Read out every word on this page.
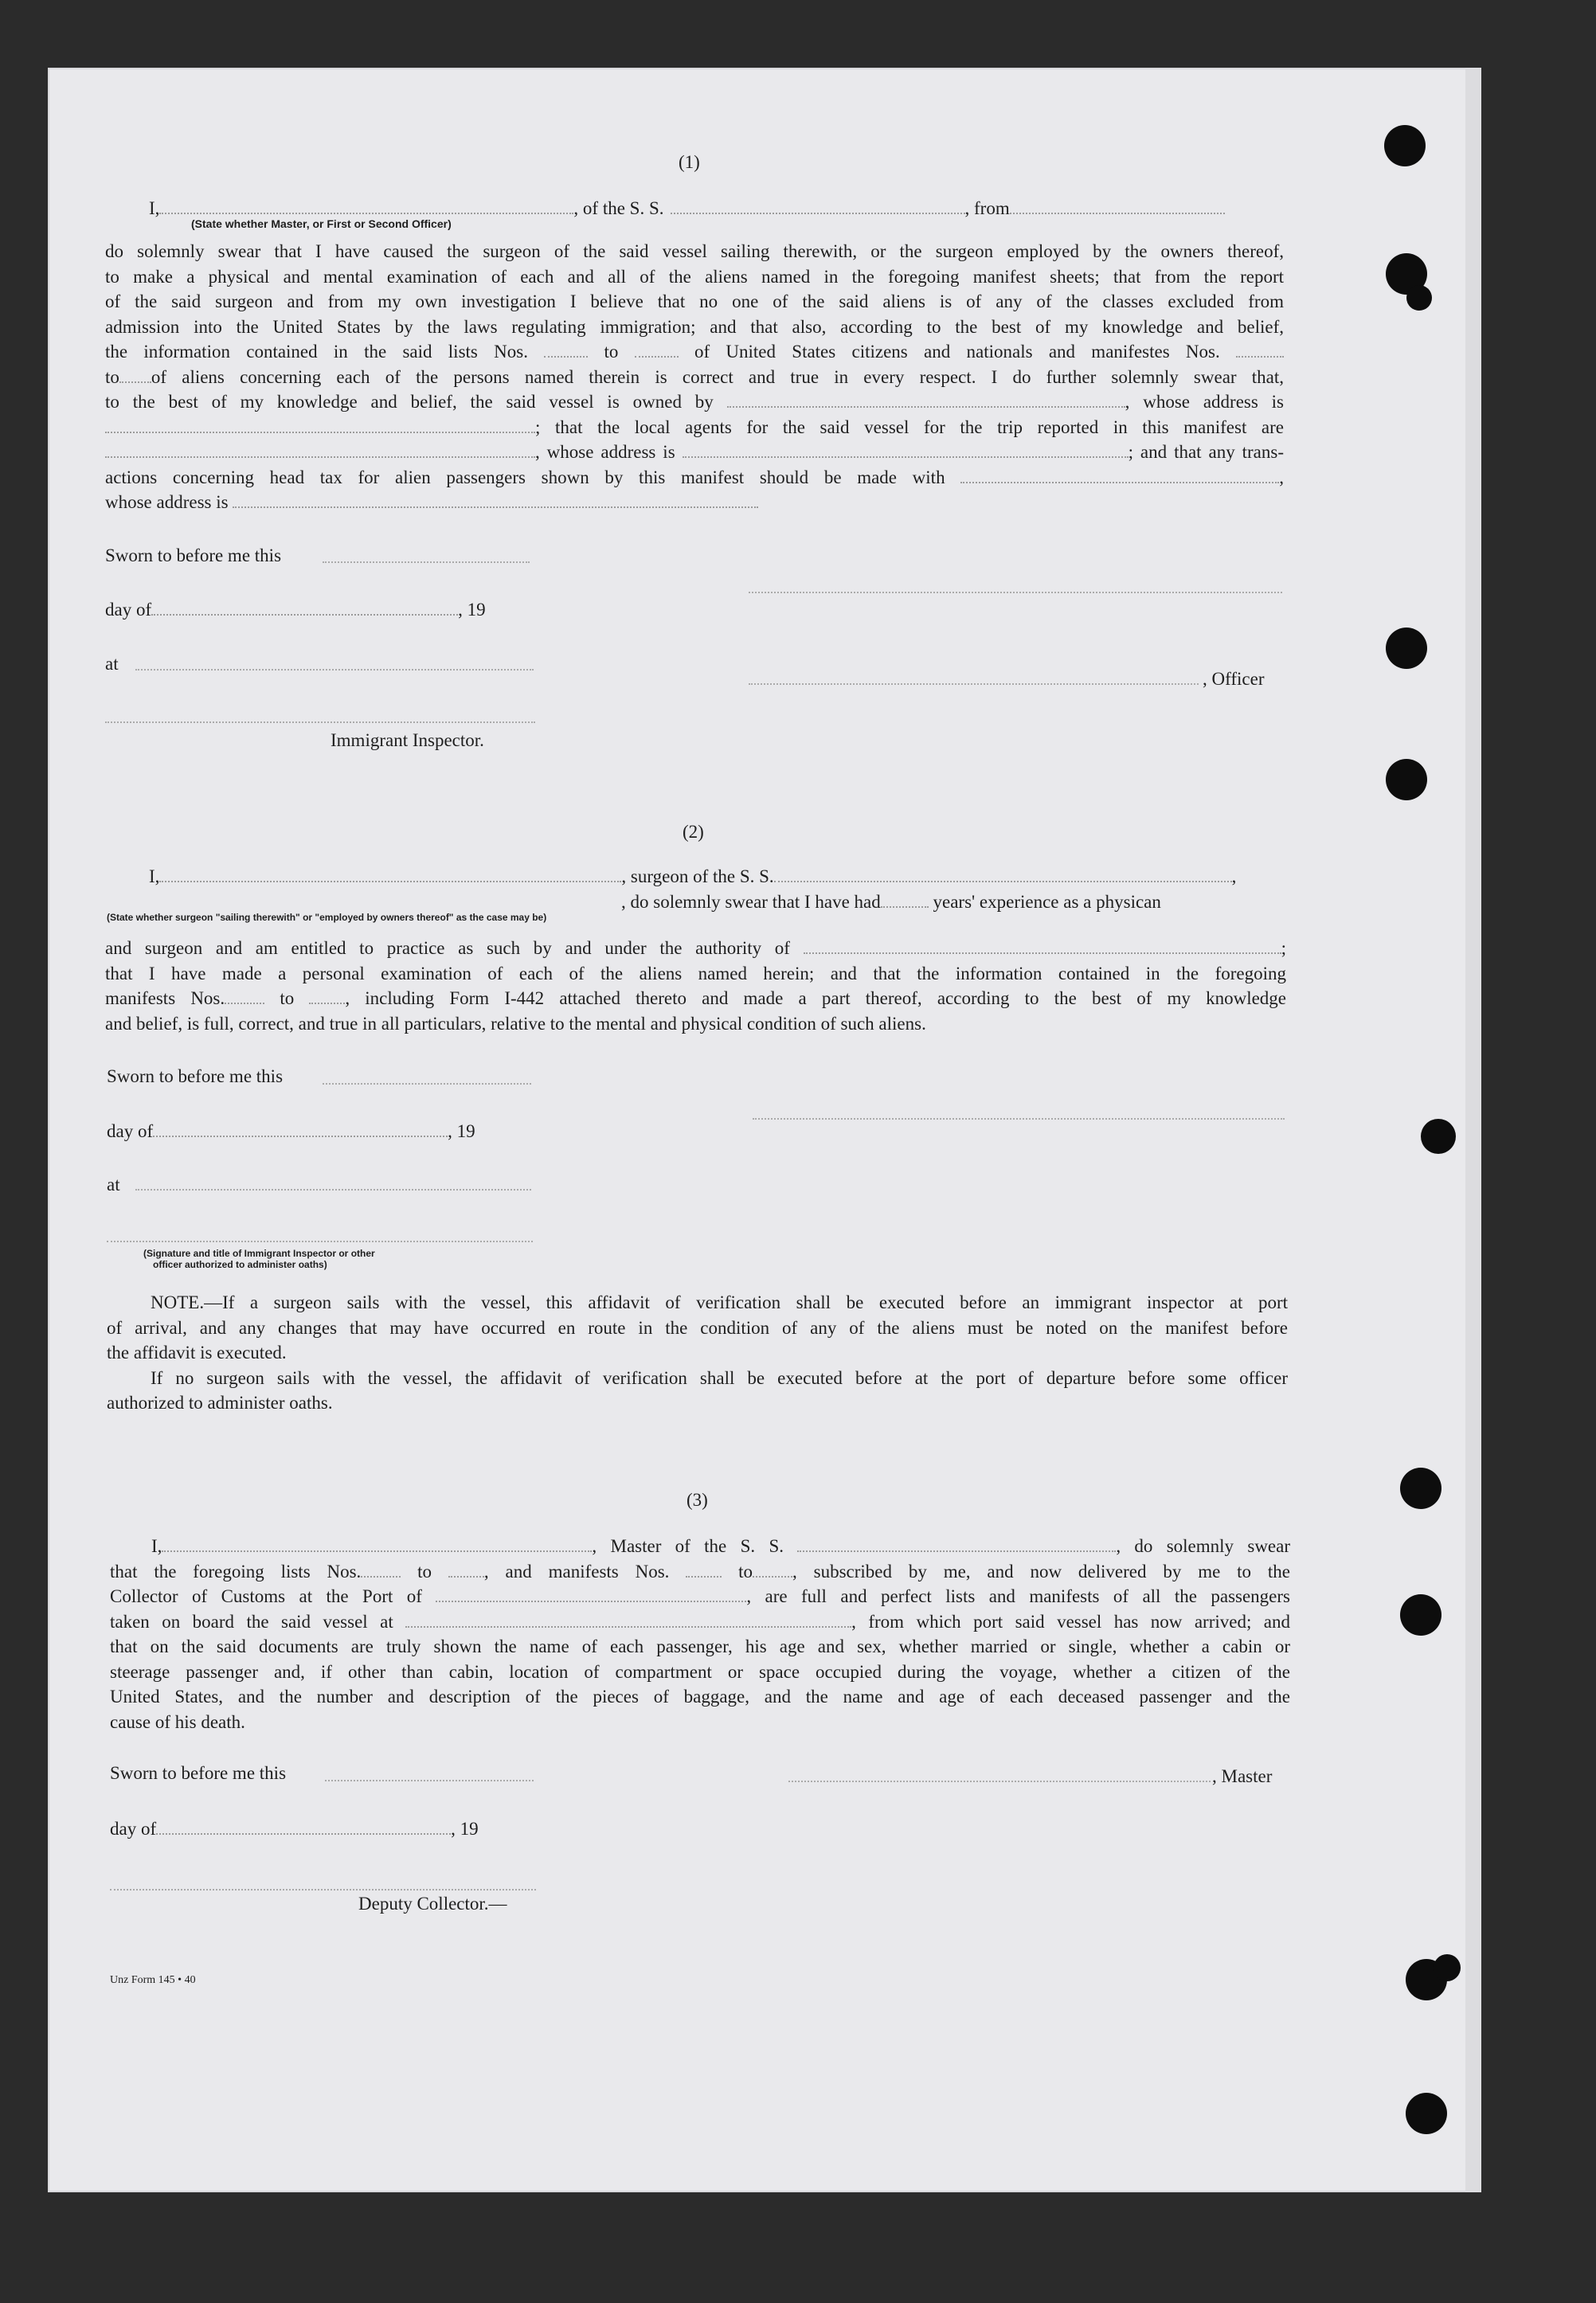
(1)
I,	, of the S. S.	, from
(State whether Master, or First or Second Officer)

do solemnly swear that I have caused the surgeon of the said vessel sailing therewith, or the surgeon employed by the owners thereof,

to make a physical and mental examination of each and all of the aliens named in the foregoing manifest sheets; that from the report

of the said surgeon and from my own investigation I believe that no one of the said aliens is of any of the classes excluded from

admission into the United States by the laws regulating immigration; and that also, according to the best of my knowledge and belief,

the information contained in the said lists Nos.	to	of United States citizens and nationals and manifestes Nos.

to of aliens concerning each of the persons named therein is correct and true in every respect. I do further solemnly swear that,

to the best of my knowledge and belief, the said vessel is owned by	, whose address is

; that the local agents for the said vessel for the trip reported in this manifest are

, whose address is	; and that any trans-

actions concerning head tax for alien passengers shown by this manifest should be made with	,

whose address is

Sworn to before me this
day of	, 19
at
, Officer
Immigrant Inspector.
(2)
I,	, surgeon of the S. S.	,
, do solemnly swear that I have had	years' experience as a physican
(State whether surgeon "sailing therewith" or "employed by owners thereof" as the case may be)

and surgeon and am entitled to practice as such by and under the authority of	;

that I have made a personal examination of each of the aliens named herein; and that the information contained in the foregoing

manifests Nos.	to	, including Form I-442 attached thereto and made a part thereof, according to the best of my knowledge

and belief, is full, correct, and true in all particulars, relative to the mental and physical condition of such aliens.

Sworn to before me this
day of	, 19
at
(Signature and title of Immigrant Inspector or other
officer authorized to administer oaths)

NOTE.—If a surgeon sails with the vessel, this affidavit of verification shall be executed before an immigrant inspector at port

of arrival, and any changes that may have occurred en route in the condition of any of the aliens must be noted on the manifest before

the affidavit is executed.

If no surgeon sails with the vessel, the affidavit of verification shall be executed before at the port of departure before some officer

authorized to administer oaths.

(3)

I,	, Master of the S. S.	, do solemnly swear

that the foregoing lists Nos.	to	, and manifests Nos.	to , subscribed by me, and now delivered by me to the

Collector of Customs at the Port of	, are full and perfect lists and manifests of all the passengers

taken on board the said vessel at	, from which port said vessel has now arrived; and

that on the said documents are truly shown the name of each passenger, his age and sex, whether married or single, whether a cabin or

steerage passenger and, if other than cabin, location of compartment or space occupied during the voyage, whether a citizen of the

United States, and the number and description of the pieces of baggage, and the name and age of each deceased passenger and the

cause of his death.

Sworn to before me this	, Master
day of	, 19
Deputy Collector.—
Unz Form 145 • 40
